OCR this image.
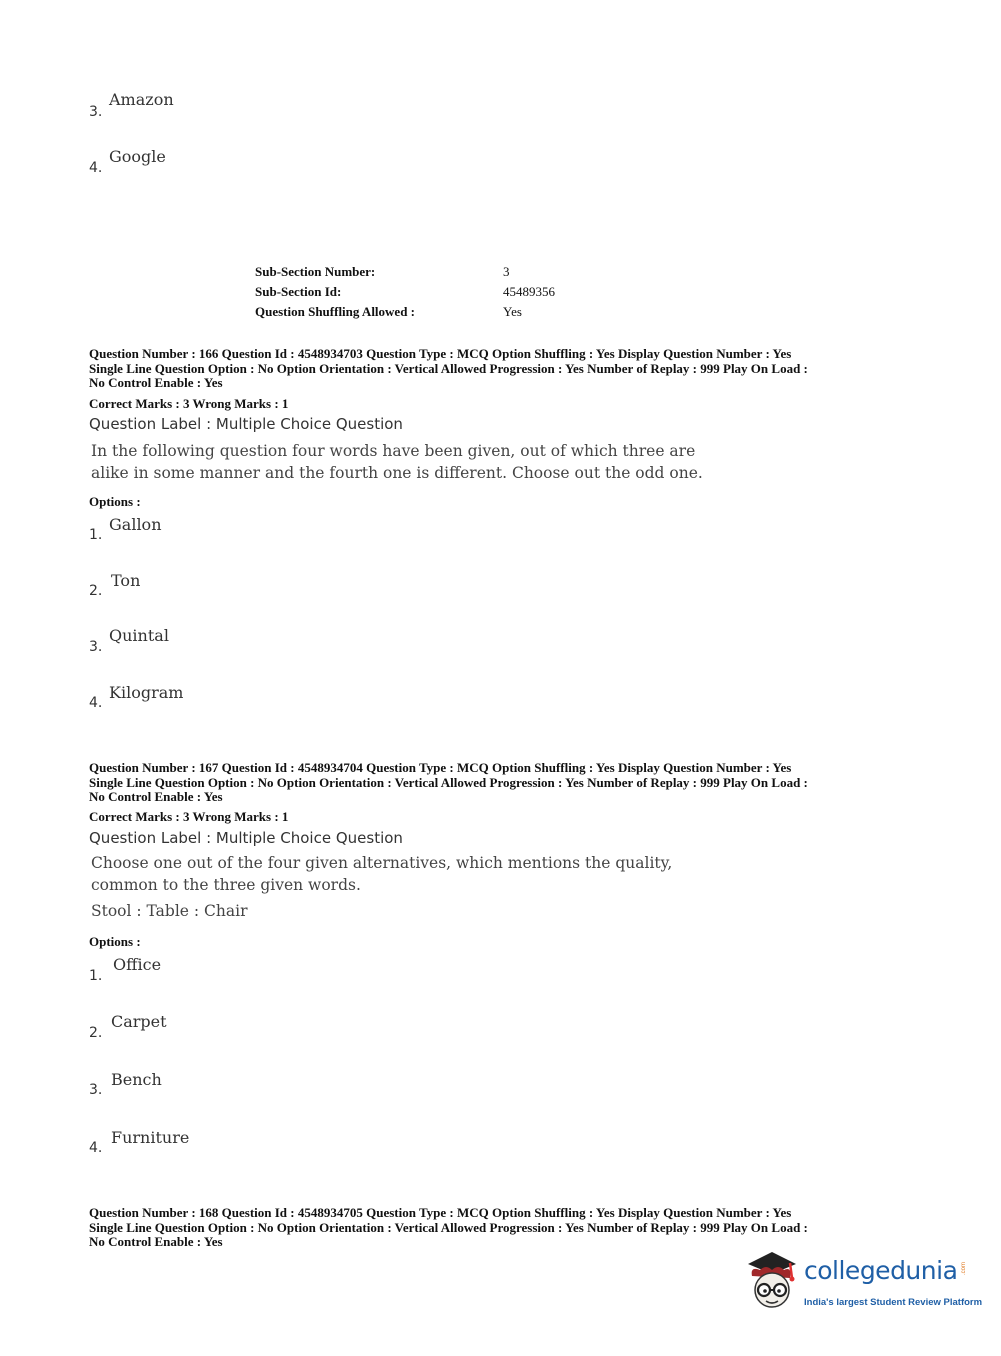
3.
Amazon
4.
Google
Sub-Section Number:	3
Sub-Section Id:	45489356
Question Shuffling Allowed :	Yes
Question Number : 166 Question Id : 4548934703 Question Type : MCQ Option Shuffling : Yes Display Question Number : Yes
Single Line Question Option : No Option Orientation : Vertical Allowed Progression : Yes Number of Replay : 999 Play On Load :
No Control Enable : Yes
Correct Marks : 3 Wrong Marks : 1
Question Label : Multiple Choice Question
In the following question four words have been given, out of which three are
alike in some manner and the fourth one is different. Choose out the odd one.
Options :
1.
Gallon
2.
Ton
3.
Quintal
4.
Kilogram
Question Number : 167 Question Id : 4548934704 Question Type : MCQ Option Shuffling : Yes Display Question Number : Yes
Single Line Question Option : No Option Orientation : Vertical Allowed Progression : Yes Number of Replay : 999 Play On Load :
No Control Enable : Yes
Correct Marks : 3 Wrong Marks : 1
Question Label : Multiple Choice Question
Choose one out of the four given alternatives, which mentions the quality,
common to the three given words.
Stool : Table : Chair
Options :
1.
Office
2.
Carpet
3.
Bench
4.
Furniture
Question Number : 168 Question Id : 4548934705 Question Type : MCQ Option Shuffling : Yes Display Question Number : Yes
Single Line Question Option : No Option Orientation : Vertical Allowed Progression : Yes Number of Replay : 999 Play On Load :
No Control Enable : Yes
collegedunia
India's largest Student Review Platform
.com
